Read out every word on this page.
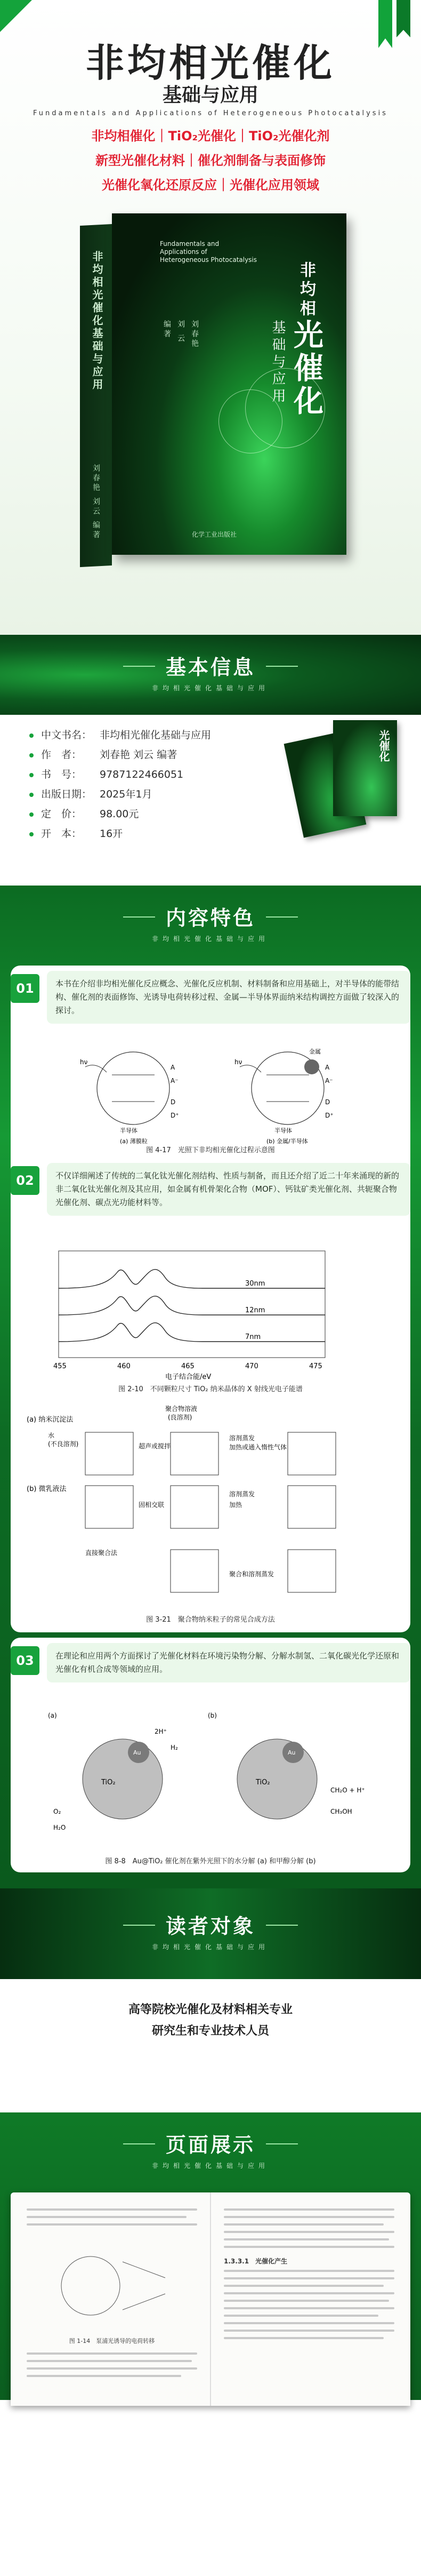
非均相光催化
基础与应用
Fundamentals and Applications of Heterogeneous Photocatalysis
非均相催化｜TiO₂光催化｜TiO₂光催化剂
新型光催化材料｜催化剂制备与表面修饰
光催化氧化还原反应｜光催化应用领域
非均相光催化基础与应用
刘春艳 刘云 编著
Fundamentals and
Applications of
Heterogeneous Photocatalysis
刘春艳
刘 云
编著
非均相光催化
基础与应用
化学工业出版社
基本信息
非均相光催化基础与应用
中文书名： 非均相光催化基础与应用
作　者：	刘春艳 刘云 编著
书　号：	9787122466051
出版日期： 2025年1月
定　价：	98.00元
开　本：	16开
光催化
内容特色
非均相光催化基础与应用
01	本书在介绍非均相光催化反应概念、光催化反应机制、材料制备和应用基础上，对半导体的能带结构、催化剂的表面修饰、光诱导电荷转移过程、金属—半导体界面纳米结构调控方面做了较深入的探讨。
hν	hν
A
A⁻
D
D⁺
A
A⁻
D
D⁺
半导体	半导体
金属
(a) 薄膜粒	(b) 金属/半导体
图 4-17　光照下非均相光催化过程示意图
02	不仅详细阐述了传统的二氧化钛光催化剂结构、性质与制备，而且还介绍了近二十年来涌现的新的非二氧化钛光催化剂及其应用，如金属有机骨架化合物（MOF）、钙钛矿类光催化剂、共轭聚合物光催化剂、碳点光功能材料等。
30nm
12nm
7nm
455	460	465	470	475
电子结合能/eV
图 2-10　不同颗粒尺寸 TiO₂ 纳米晶体的 X 射线光电子能谱
(a) 纳米沉淀法
聚合物溶液
(良溶剂)
水
(不良溶剂)	超声或搅拌
溶剂蒸发
加热或通入惰性气体
(b) 微乳液法
溶剂蒸发
加热
固相交联
直接聚合法
聚合和溶剂蒸发
图 3-21　聚合物纳米粒子的常见合成方法
03	在理论和应用两个方面探讨了光催化材料在环境污染物分解、分解水制氢、二氧化碳光化学还原和光催化有机合成等领域的应用。
(a)	(b)
TiO₂	TiO₂
Au	Au
2H⁺
H₂
O₂
H₂O
CH₃OH
CH₂O + H⁺
图 8-8　Au@TiO₂ 催化剂在紫外光照下的水分解 (a) 和甲醇分解 (b)
读者对象
非均相光催化基础与应用
高等院校光催化及材料相关专业
研究生和专业技术人员
页面展示
非均相光催化基础与应用
图 1-14　泵浦光诱导的电荷转移
1.3.3.1　光催化产生
